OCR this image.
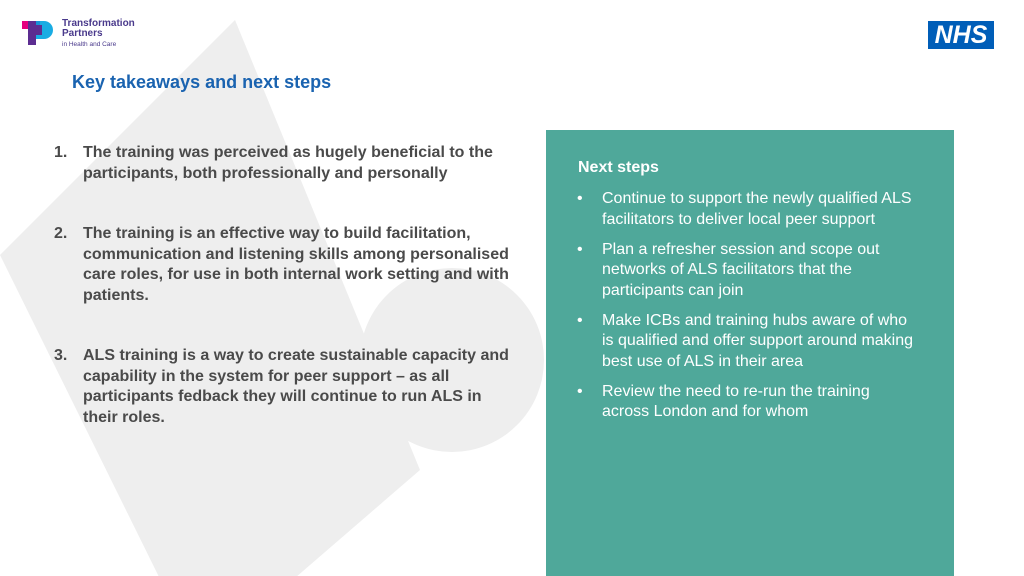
Transformation
Partners
in Health and Care	NHS
Key takeaways and next steps
1. The training was perceived as hugely beneficial to the participants, both professionally and personally
2. The training is an effective way to build facilitation, communication and listening skills among personalised care roles, for use in both internal work setting and with patients.
3. ALS training is a way to create sustainable capacity and capability in the system for peer support – as all participants fedback they will continue to run ALS in their roles.
Next steps
•	Continue to support the newly qualified ALS facilitators to deliver local peer support
•	Plan a refresher session and scope out networks of ALS facilitators that the participants can join
•	Make ICBs and training hubs aware of who is qualified and offer support around making best use of ALS in their area
•	Review the need to re-run the training across London and for whom
